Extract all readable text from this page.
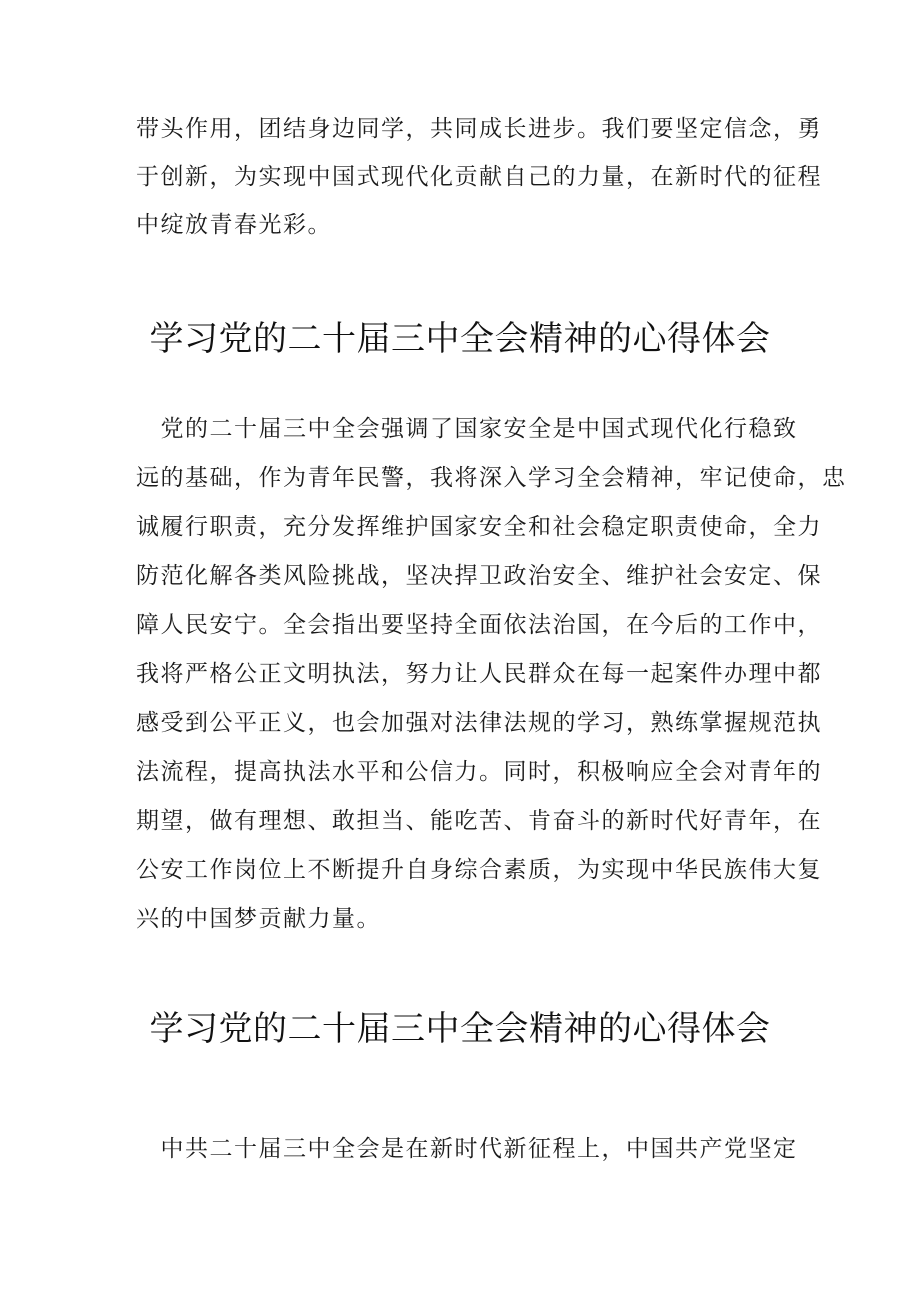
带头作用，团结身边同学，共同成长进步。我们要坚定信念，勇
于创新，为实现中国式现代化贡献自己的力量，在新时代的征程
中绽放青春光彩。
学习党的二十届三中全会精神的心得体会
　党的二十届三中全会强调了国家安全是中国式现代化行稳致
远的基础，作为青年民警，我将深入学习全会精神，牢记使命，忠
诚履行职责，充分发挥维护国家安全和社会稳定职责使命，全力
防范化解各类风险挑战，坚决捍卫政治安全、维护社会安定、保
障人民安宁。全会指出要坚持全面依法治国，在今后的工作中，
我将严格公正文明执法，努力让人民群众在每一起案件办理中都
感受到公平正义，也会加强对法律法规的学习，熟练掌握规范执
法流程，提高执法水平和公信力。同时，积极响应全会对青年的
期望，做有理想、敢担当、能吃苦、肯奋斗的新时代好青年，在
公安工作岗位上不断提升自身综合素质，为实现中华民族伟大复
兴的中国梦贡献力量。
学习党的二十届三中全会精神的心得体会
　中共二十届三中全会是在新时代新征程上，中国共产党坚定
